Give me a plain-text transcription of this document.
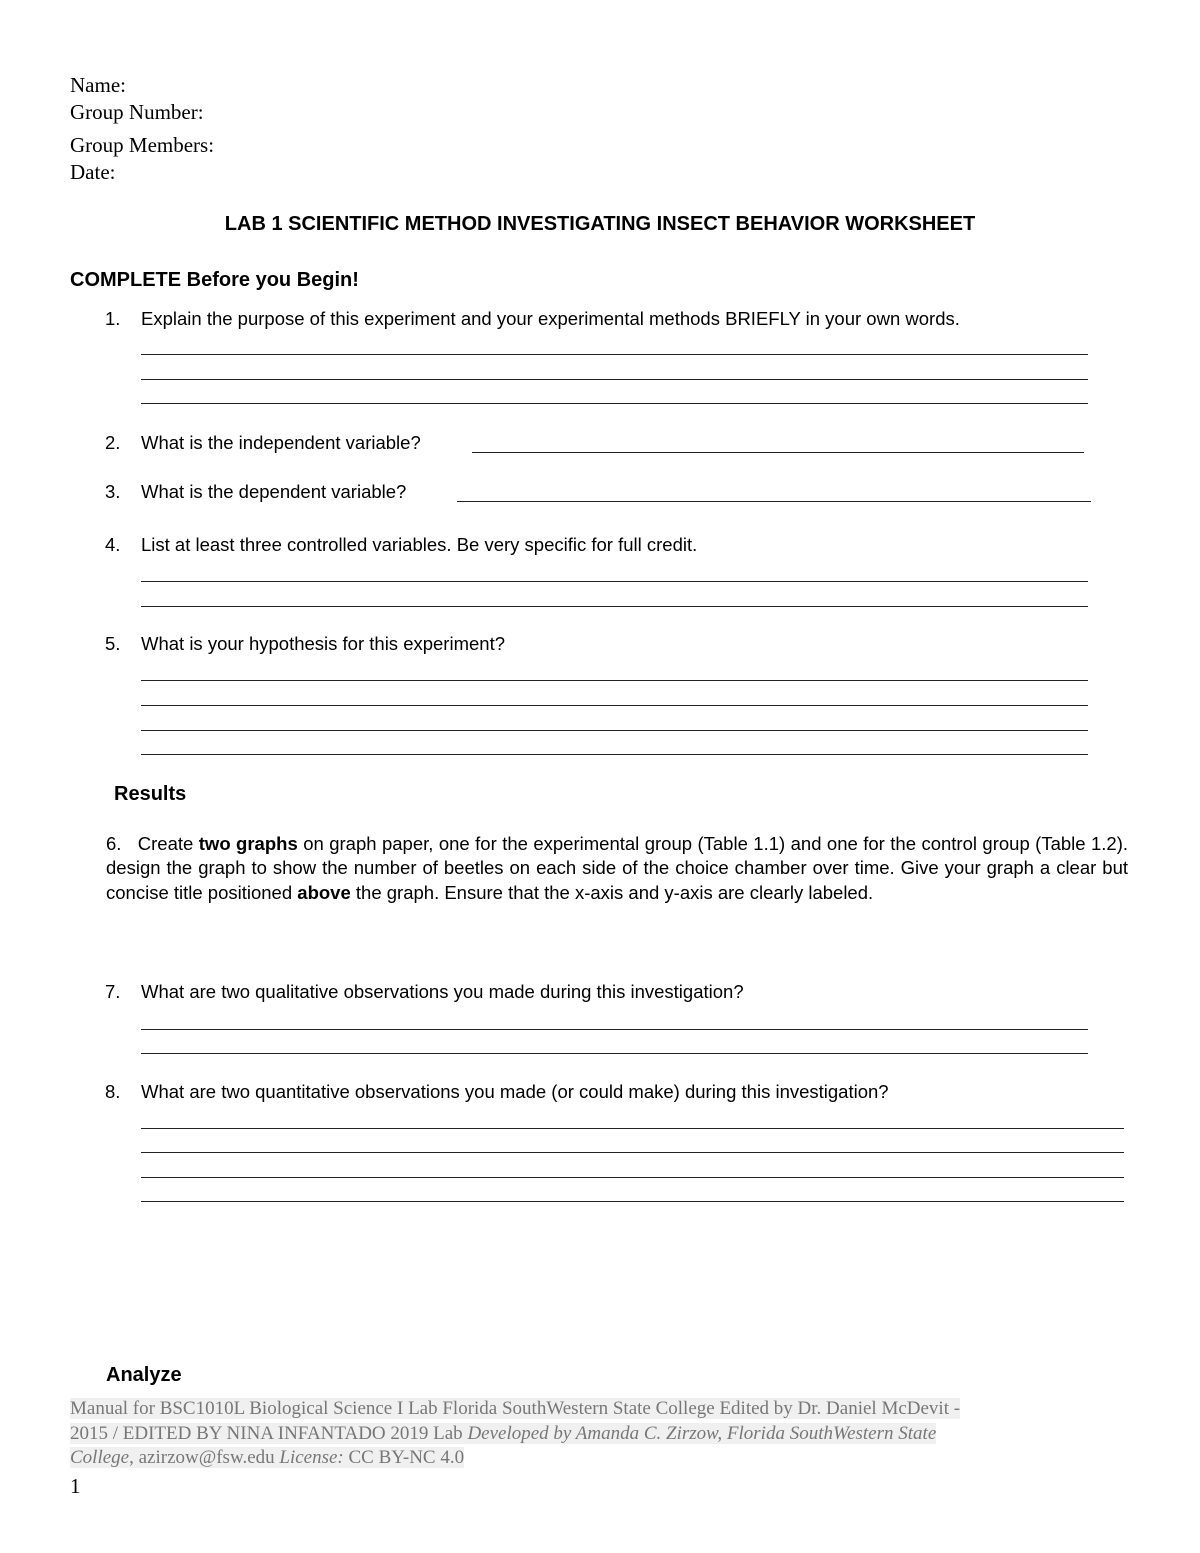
Name:
Group Number:
Group Members:
Date:
LAB 1 SCIENTIFIC METHOD INVESTIGATING INSECT BEHAVIOR WORKSHEET
COMPLETE Before you Begin!
1. Explain the purpose of this experiment and your experimental methods BRIEFLY in your own words.
2. What is the independent variable?
3. What is the dependent variable?
4. List at least three controlled variables. Be very specific for full credit.
5. What is your hypothesis for this experiment?
Results
6. Create two graphs on graph paper, one for the experimental group (Table 1.1) and one for the control group (Table 1.2). design the graph to show the number of beetles on each side of the choice chamber over time. Give your graph a clear but concise title positioned above the graph. Ensure that the x-axis and y-axis are clearly labeled.
7. What are two qualitative observations you made during this investigation?
8. What are two quantitative observations you made (or could make) during this investigation?
Analyze
Manual for BSC1010L Biological Science I Lab Florida SouthWestern State College Edited by Dr. Daniel McDevit -
2015 / EDITED BY NINA INFANTADO 2019 Lab Developed by Amanda C. Zirzow, Florida SouthWestern State
College, azirzow@fsw.edu License: CC BY-NC 4.0
1
